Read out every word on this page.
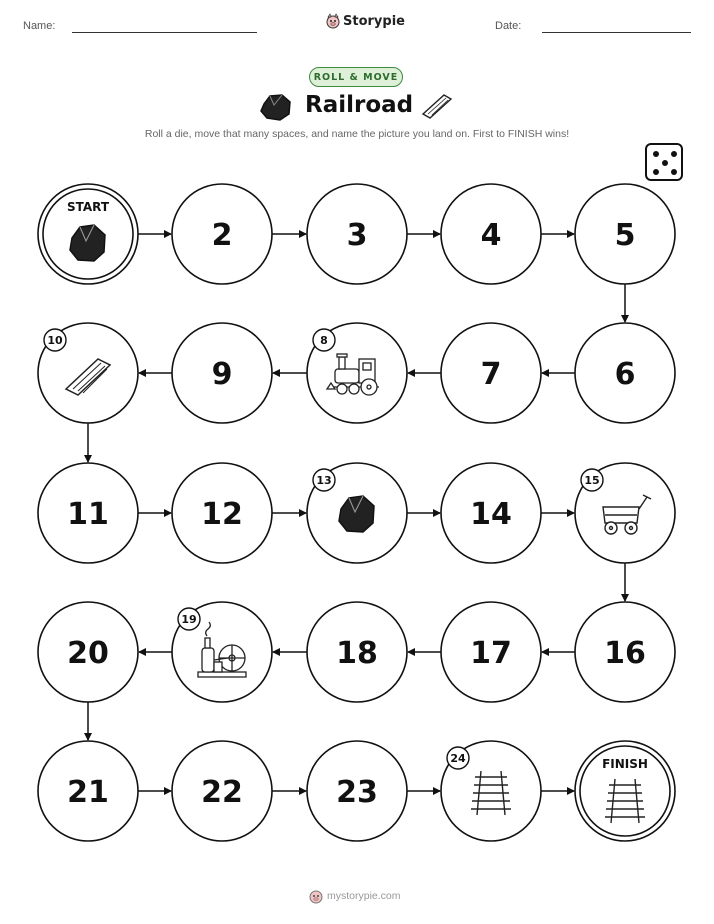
Name:	Storypie	Date:
ROLL & MOVE
Railroad
Roll a die, move that many spaces, and name the picture you land on. First to FINISH wins!
START
2	3	4	5
6
7
8
9
10
11	12
13
14
15
16
17
18
19
20
21	22	23
24	FINISH
mystorypie.com
